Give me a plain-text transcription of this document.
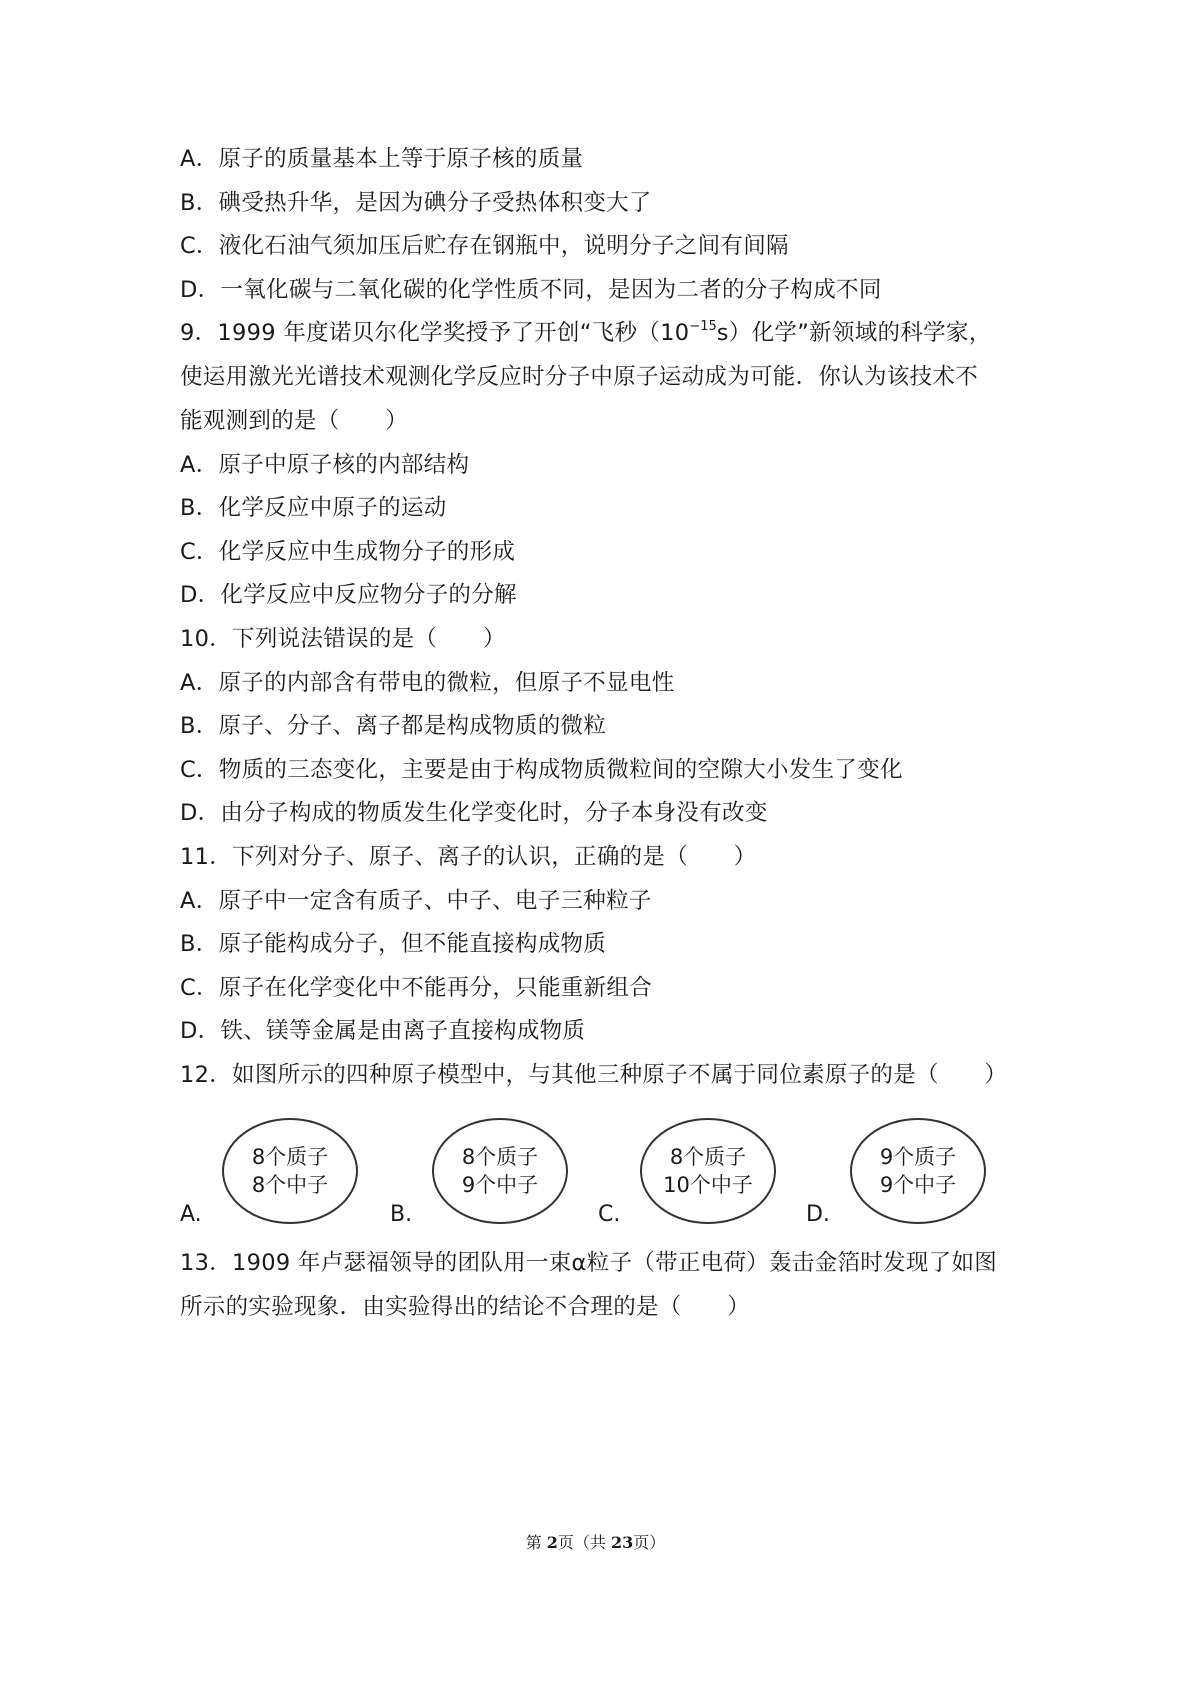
A．原子的质量基本上等于原子核的质量
B．碘受热升华，是因为碘分子受热体积变大了
C．液化石油气须加压后贮存在钢瓶中，说明分子之间有间隔
D．一氧化碳与二氧化碳的化学性质不同，是因为二者的分子构成不同
9．1999 年度诺贝尔化学奖授予了开创“飞秒$(10^{-15}s)$化学”新领域的科学家，
使运用激光光谱技术观测化学反应时分子中原子运动成为可能．你认为该技术不
能观测到的是（　　）
A．原子中原子核的内部结构
B．化学反应中原子的运动
C．化学反应中生成物分子的形成
D．化学反应中反应物分子的分解
10．下列说法错误的是（　　）
A．原子的内部含有带电的微粒，但原子不显电性
B．原子、分子、离子都是构成物质的微粒
C．物质的三态变化，主要是由于构成物质微粒间的空隙大小发生了变化
D．由分子构成的物质发生化学变化时，分子本身没有改变
11．下列对分子、原子、离子的认识，正确的是（　　）
A．原子中一定含有质子、中子、电子三种粒子
B．原子能构成分子，但不能直接构成物质
C．原子在化学变化中不能再分，只能重新组合
D．铁、镁等金属是由离子直接构成物质
12．如图所示的四种原子模型中，与其他三种原子不属于同位素原子的是（　　）
A.
8个质子
8个中子
B.
8个质子
9个中子
C.
8个质子
10个中子
D.
9个质子
9个中子
13．1909 年卢瑟福领导的团队用一束α粒子（带正电荷）轰击金箔时发现了如图
所示的实验现象．由实验得出的结论不合理的是（　　）
第 2页（共 23页）
